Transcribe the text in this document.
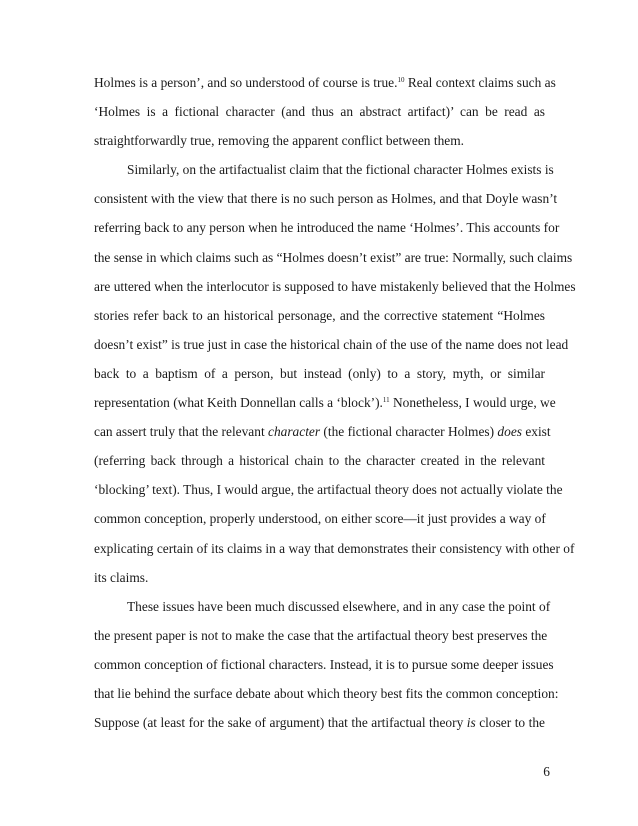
Holmes is a person’, and so understood of course is true.$^{10}$ Real context claims such as
‘Holmes is a fictional character (and thus an abstract artifact)’ can be read as
straightforwardly true, removing the apparent conflict between them.
Similarly, on the artifactualist claim that the fictional character Holmes exists is
consistent with the view that there is no such person as Holmes, and that Doyle wasn’t
referring back to any person when he introduced the name ‘Holmes’. This accounts for
the sense in which claims such as “Holmes doesn’t exist” are true: Normally, such claims
are uttered when the interlocutor is supposed to have mistakenly believed that the Holmes
stories refer back to an historical personage, and the corrective statement “Holmes
doesn’t exist” is true just in case the historical chain of the use of the name does not lead
back to a baptism of a person, but instead (only) to a story, myth, or similar
representation (what Keith Donnellan calls a ‘block’).$^{11}$ Nonetheless, I would urge, we
can assert truly that the relevant character (the fictional character Holmes) does exist
(referring back through a historical chain to the character created in the relevant
‘blocking’ text). Thus, I would argue, the artifactual theory does not actually violate the
common conception, properly understood, on either score—it just provides a way of
explicating certain of its claims in a way that demonstrates their consistency with other of
its claims.
These issues have been much discussed elsewhere, and in any case the point of
the present paper is not to make the case that the artifactual theory best preserves the
common conception of fictional characters. Instead, it is to pursue some deeper issues
that lie behind the surface debate about which theory best fits the common conception:
Suppose (at least for the sake of argument) that the artifactual theory is closer to the
6
